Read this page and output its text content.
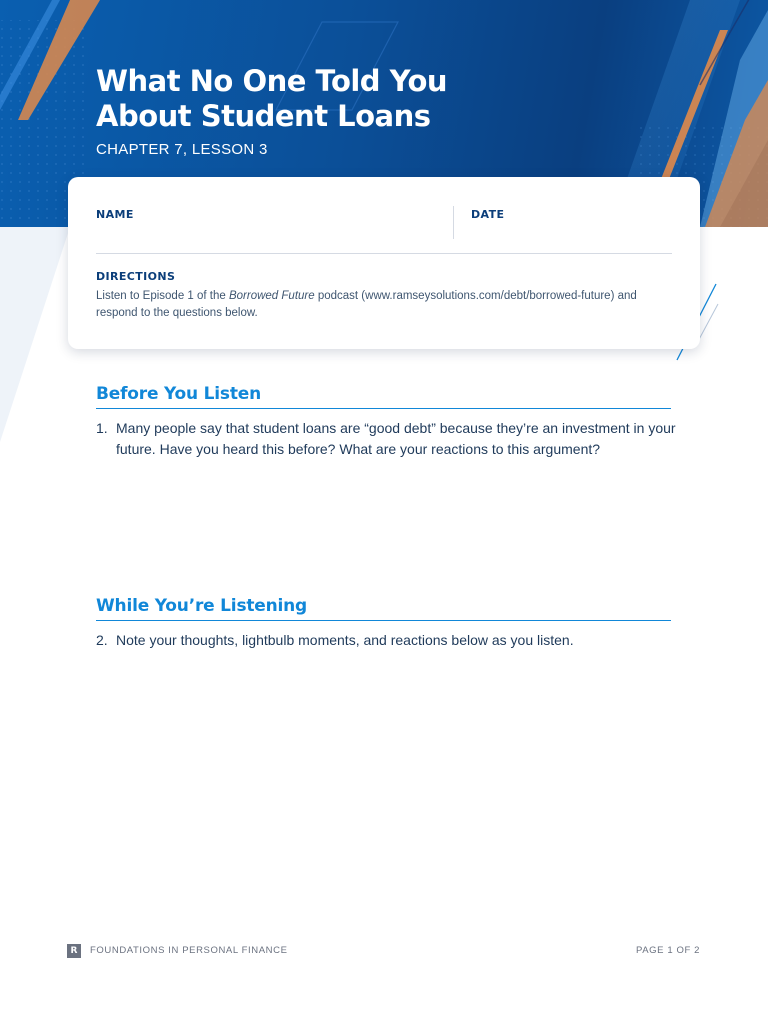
What No One Told You
About Student Loans
CHAPTER 7, LESSON 3
NAME	DATE
DIRECTIONS
Listen to Episode 1 of the Borrowed Future podcast (www.ramseysolutions.com/debt/borrowed-future) and respond to the questions below.
Before You Listen
1. Many people say that student loans are “good debt” because they’re an investment in your future. Have you heard this before? What are your reactions to this argument?
While You’re Listening
2. Note your thoughts, lightbulb moments, and reactions below as you listen.
R	FOUNDATIONS IN PERSONAL FINANCE	PAGE 1 OF 2
